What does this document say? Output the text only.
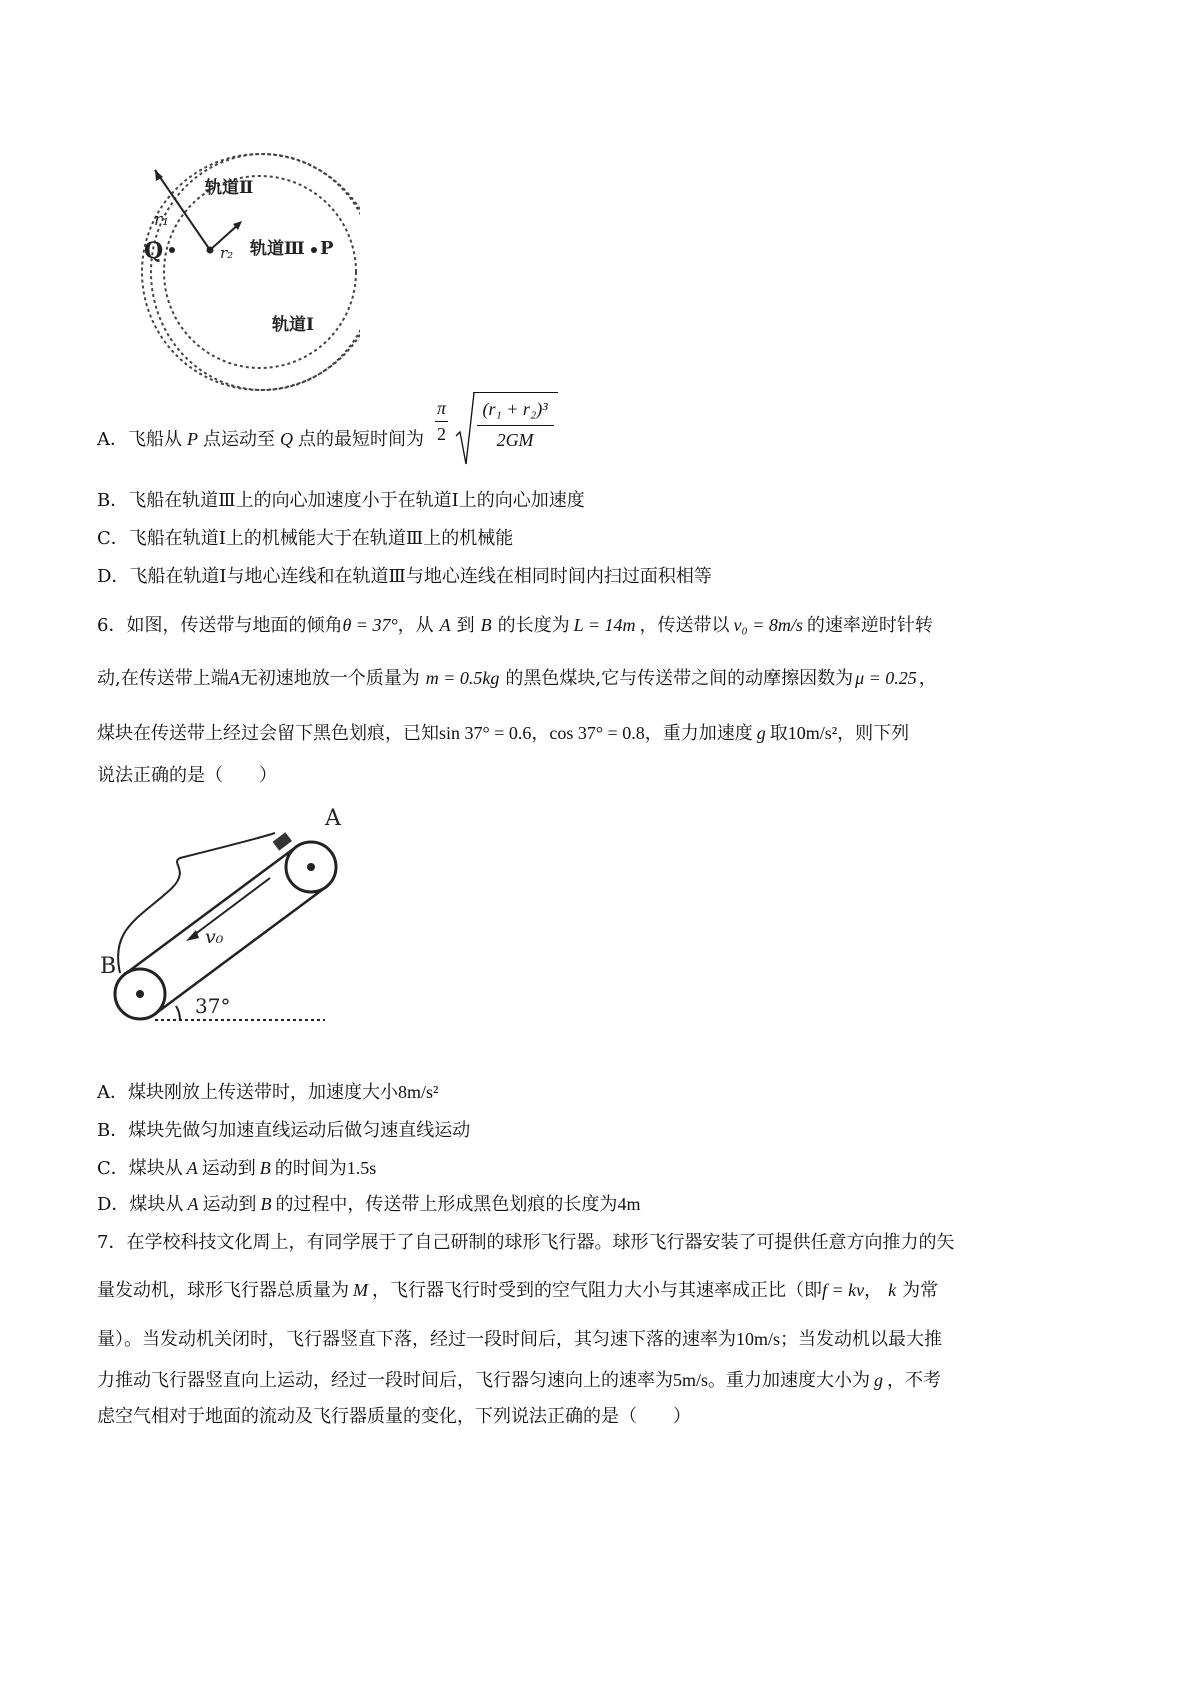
r₁
r₂
Q	P
轨道Ⅱ
轨道Ⅲ
轨道Ⅰ
A．飞船从 P 点运动至 Q 点的最短时间为 $\frac{\pi}{2}$
$\frac{\text{(r₁ + r₂)³}}{2GM}$
B．飞船在轨道Ⅲ上的向心加速度小于在轨道Ⅰ上的向心加速度
C．飞船在轨道Ⅰ上的机械能大于在轨道Ⅲ上的机械能
D．飞船在轨道Ⅰ与地心连线和在轨道Ⅲ与地心连线在相同时间内扫过面积相等
6．如图，传送带与地面的倾角θ = 37°，从 A 到 B 的长度为 L = 14m ，传送带以 v₀ = 8m/s 的速率逆时针转
动,在传送带上端A无初速地放一个质量为 m = 0.5kg 的黑色煤块,它与传送带之间的动摩擦因数为 μ = 0.25 ，
煤块在传送带上经过会留下黑色划痕，已知sin 37° = 0.6，cos 37° = 0.8，重力加速度 g 取10m/s²，则下列
说法正确的是（　　）
A
B
v₀
37°
A．煤块刚放上传送带时，加速度大小8m/s²
B．煤块先做匀加速直线运动后做匀速直线运动
C．煤块从 A 运动到 B 的时间为1.5s
D．煤块从 A 运动到 B 的过程中，传送带上形成黑色划痕的长度为4m
7．在学校科技文化周上，有同学展于了自己研制的球形飞行器。球形飞行器安装了可提供任意方向推力的矢
量发动机，球形飞行器总质量为 M ，飞行器飞行时受到的空气阻力大小与其速率成正比（即f = kv， k 为常
量）。当发动机关闭时，飞行器竖直下落，经过一段时间后，其匀速下落的速率为10m/s；当发动机以最大推
力推动飞行器竖直向上运动，经过一段时间后，飞行器匀速向上的速率为5m/s。重力加速度大小为 g ，不考
虑空气相对于地面的流动及飞行器质量的变化，下列说法正确的是（　　）
